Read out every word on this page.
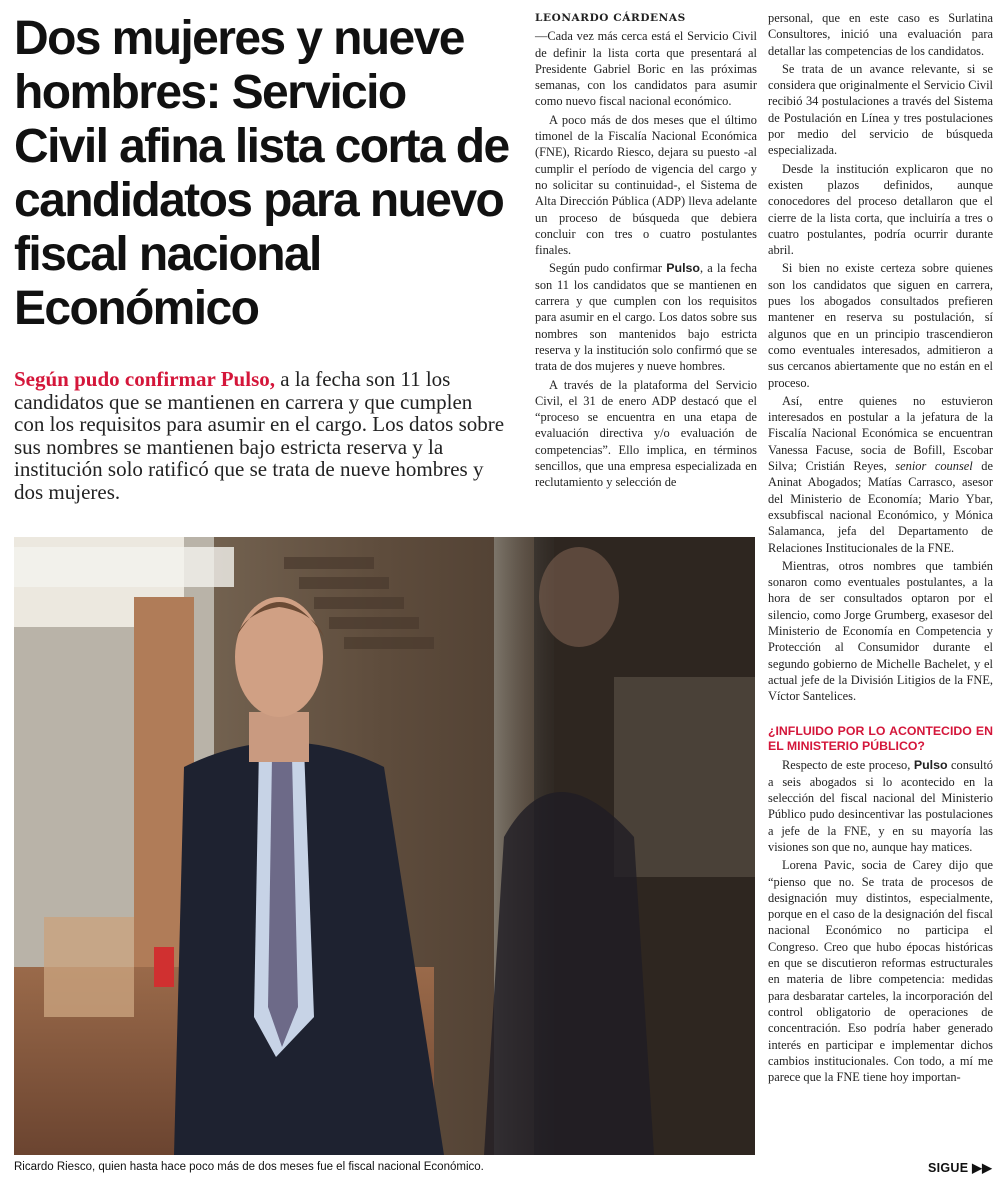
Dos mujeres y nueve hombres: Servicio Civil afina lista corta de candidatos para nuevo fiscal nacional Económico

Según pudo confirmar Pulso, a la fecha son 11 los candidatos que se mantienen en carrera y que cumplen con los requisitos para asumir en el cargo. Los datos sobre sus nombres se mantienen bajo estricta reserva y la institución solo ratificó que se trata de nueve hombres y dos mujeres.

LEONARDO CÁRDENAS

—Cada vez más cerca está el Servicio Civil de definir la lista corta que presentará al Presidente Gabriel Boric en las próximas semanas, con los candidatos para asumir como nuevo fiscal nacional económico.

A poco más de dos meses que el último timonel de la Fiscalía Nacional Económica (FNE), Ricardo Riesco, dejara su puesto -al cumplir el período de vigencia del cargo y no solicitar su continuidad-, el Sistema de Alta Dirección Pública (ADP) lleva adelante un proceso de búsqueda que debiera concluir con tres o cuatro postulantes finales.

Según pudo confirmar Pulso, a la fecha son 11 los candidatos que se mantienen en carrera y que cumplen con los requisitos para asumir en el cargo. Los datos sobre sus nombres son mantenidos bajo estricta reserva y la institución solo confirmó que se trata de dos mujeres y nueve hombres.

A través de la plataforma del Servicio Civil, el 31 de enero ADP destacó que el “proceso se encuentra en una etapa de evaluación directiva y/o evaluación de competencias”. Ello implica, en términos sencillos, que una empresa especializada en reclutamiento y selección de

personal, que en este caso es Surlatina Consultores, inició una evaluación para detallar las competencias de los candidatos.

Se trata de un avance relevante, si se considera que originalmente el Servicio Civil recibió 34 postulaciones a través del Sistema de Postulación en Línea y tres postulaciones por medio del servicio de búsqueda especializada.

Desde la institución explicaron que no existen plazos definidos, aunque conocedores del proceso detallaron que el cierre de la lista corta, que incluiría a tres o cuatro postulantes, podría ocurrir durante abril.

Si bien no existe certeza sobre quienes son los candidatos que siguen en carrera, pues los abogados consultados prefieren mantener en reserva su postulación, sí algunos que en un principio trascendieron como eventuales interesados, admitieron a sus cercanos abiertamente que no están en el proceso.

Así, entre quienes no estuvieron interesados en postular a la jefatura de la Fiscalía Nacional Económica se encuentran Vanessa Facuse, socia de Bofill, Escobar Silva; Cristián Reyes, senior counsel de Aninat Abogados; Matías Carrasco, asesor del Ministerio de Economía; Mario Ybar, exsubfiscal nacional Económico, y Mónica Salamanca, jefa del Departamento de Relaciones Institucionales de la FNE.

Mientras, otros nombres que también sonaron como eventuales postulantes, a la hora de ser consultados optaron por el silencio, como Jorge Grumberg, exasesor del Ministerio de Economía en Competencia y Protección al Consumidor durante el segundo gobierno de Michelle Bachelet, y el actual jefe de la División Litigios de la FNE, Víctor Santelices.

¿INFLUIDO POR LO ACONTECIDO EN EL MINISTERIO PÚBLICO?

Respecto de este proceso, Pulso consultó a seis abogados si lo acontecido en la selección del fiscal nacional del Ministerio Público pudo desincentivar las postulaciones a jefe de la FNE, y en su mayoría las visiones son que no, aunque hay matices.

Lorena Pavic, socia de Carey dijo que “pienso que no. Se trata de procesos de designación muy distintos, especialmente, porque en el caso de la designación del fiscal nacional Económico no participa el Congreso. Creo que hubo épocas históricas en que se discutieron reformas estructurales en materia de libre competencia: medidas para desbaratar carteles, la incorporación del control obligatorio de operaciones de concentración. Eso podría haber generado interés en participar e implementar dichos cambios institucionales. Con todo, a mí me parece que la FNE tiene hoy importan-

Ricardo Riesco, quien hasta hace poco más de dos meses fue el fiscal nacional Económico.	SIGUE ▶▶
